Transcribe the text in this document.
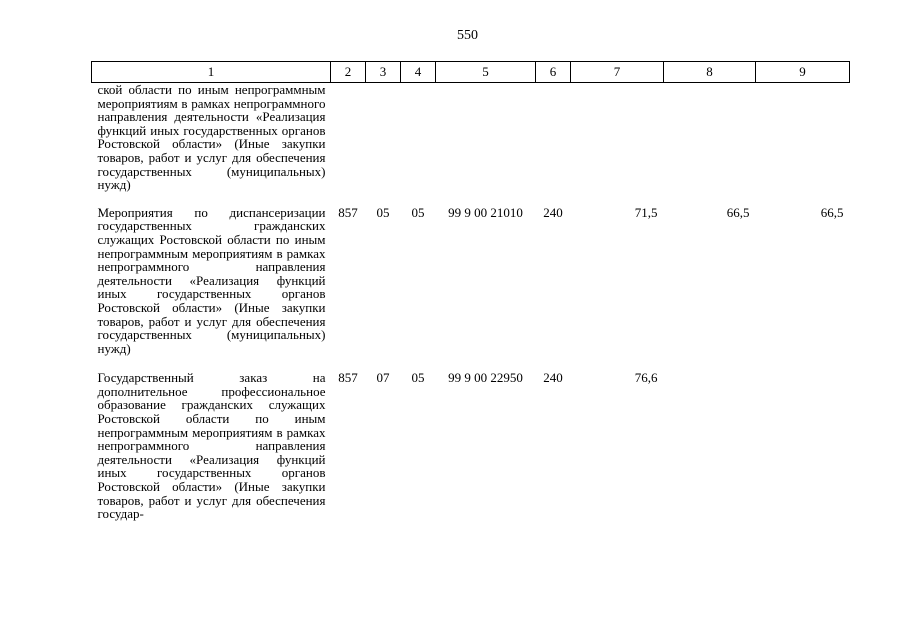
550
1	2	3	4	5	6	7	8	9
ской области по иным непрограммным мероприятиям в рамках непрограммного направления деятельности «Реализация функций иных государственных органов Ростовской области» (Иные закупки товаров, работ и услуг для обеспечения государственных (муниципальных) нужд)								
Мероприятия по диспансеризации государственных гражданских служащих Ростовской области по иным непрограммным мероприятиям в рамках непрограммного направления деятельности «Реализация функций иных государственных органов Ростовской области» (Иные закупки товаров, работ и услуг для обеспечения государственных (муниципальных) нужд)	857	05	05	99 9 00 21010	240	71,5	66,5	66,5
Государственный заказ на дополнительное профессиональное образование гражданских служащих Ростовской области по иным непрограммным мероприятиям в рамках непрограммного направления деятельности «Реализация функций иных государственных органов Ростовской области» (Иные закупки товаров, работ и услуг для обеспечения государ-	857	07	05	99 9 00 22950	240	76,6		
